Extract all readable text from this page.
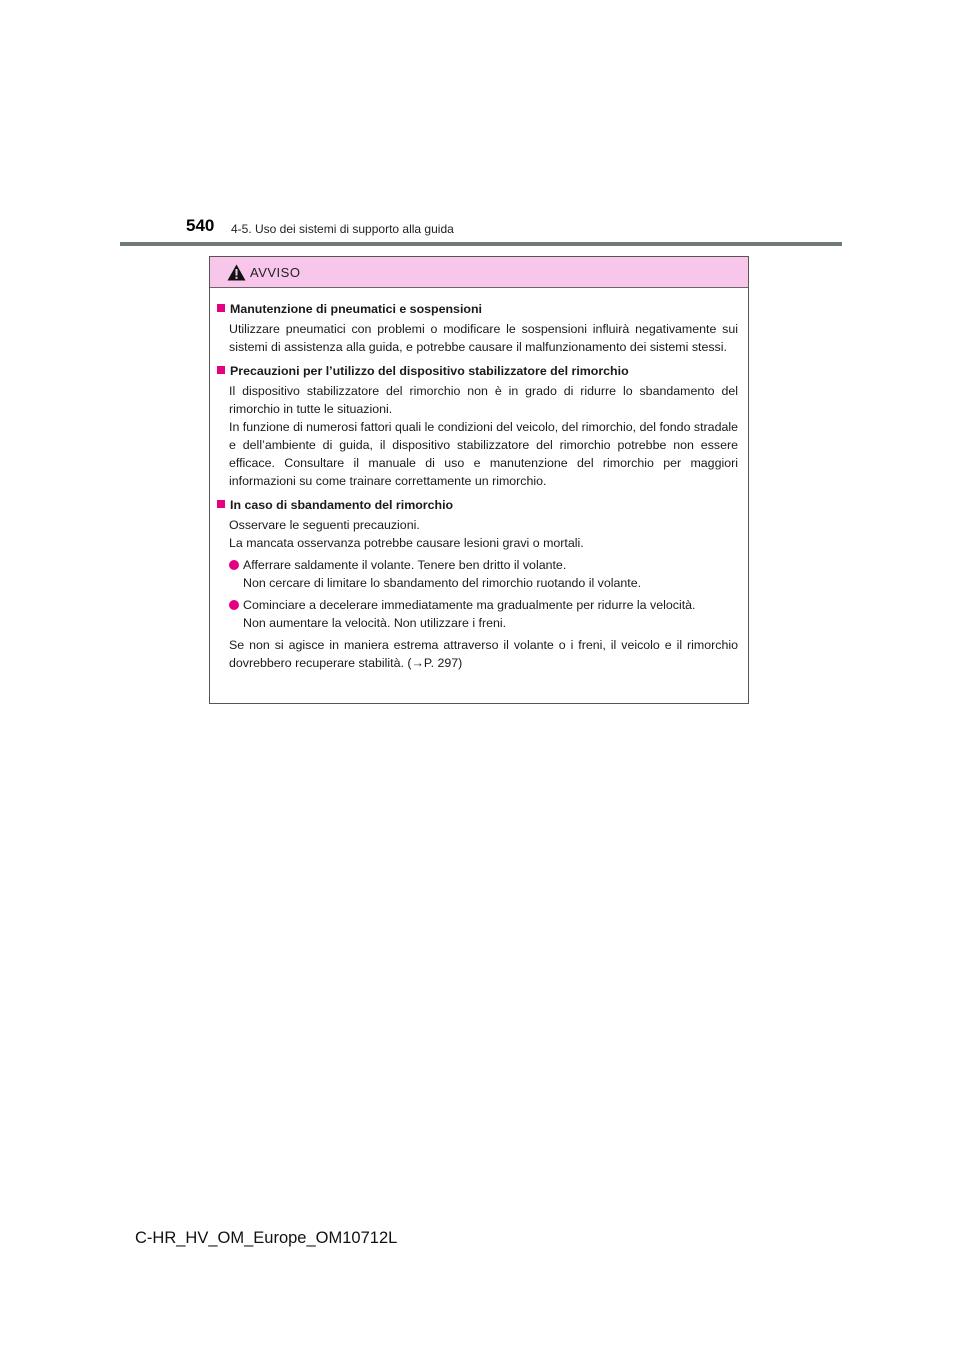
540 4-5. Uso dei sistemi di supporto alla guida
AVVISO
Manutenzione di pneumatici e sospensioni
Utilizzare pneumatici con problemi o modificare le sospensioni influirà negativamente sui sistemi di assistenza alla guida, e potrebbe causare il malfunzionamento dei sistemi stessi.
Precauzioni per l’utilizzo del dispositivo stabilizzatore del rimorchio
Il dispositivo stabilizzatore del rimorchio non è in grado di ridurre lo sbandamento del rimorchio in tutte le situazioni.
In funzione di numerosi fattori quali le condizioni del veicolo, del rimorchio, del fondo stradale e dell’ambiente di guida, il dispositivo stabilizzatore del rimorchio potrebbe non essere efficace. Consultare il manuale di uso e manutenzione del rimorchio per maggiori informazioni su come trainare correttamente un rimorchio.
In caso di sbandamento del rimorchio
Osservare le seguenti precauzioni.
La mancata osservanza potrebbe causare lesioni gravi o mortali.
Afferrare saldamente il volante. Tenere ben dritto il volante.
Non cercare di limitare lo sbandamento del rimorchio ruotando il volante.
Cominciare a decelerare immediatamente ma gradualmente per ridurre la velocità.
Non aumentare la velocità. Non utilizzare i freni.
Se non si agisce in maniera estrema attraverso il volante o i freni, il veicolo e il rimorchio dovrebbero recuperare stabilità. (→P. 297)
C-HR_HV_OM_Europe_OM10712L
